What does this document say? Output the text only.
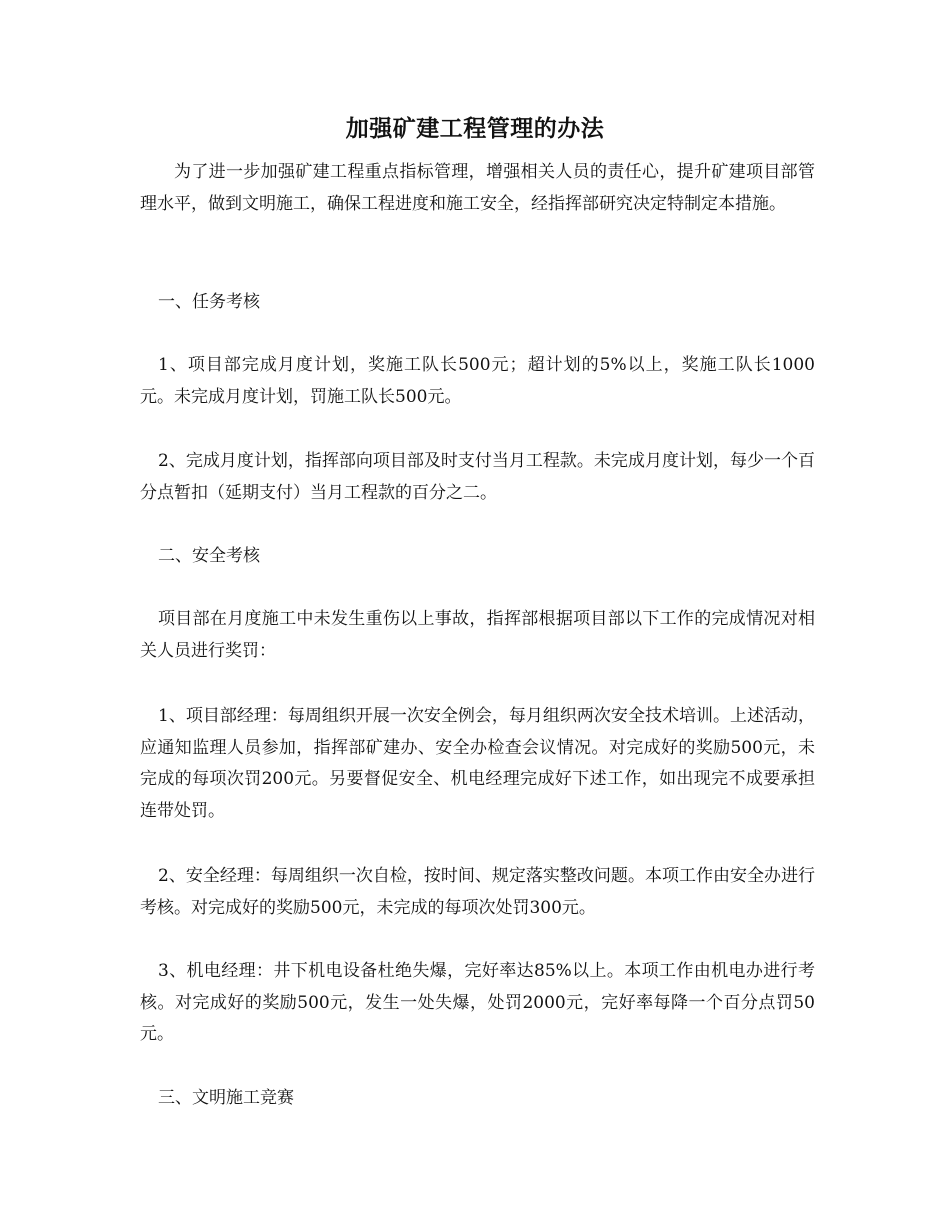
加强矿建工程管理的办法

为了进一步加强矿建工程重点指标管理，增强相关人员的责任心，提升矿建项目部管理水平，做到文明施工，确保工程进度和施工安全，经指挥部研究决定特制定本措施。

一、任务考核

1、项目部完成月度计划，奖施工队长500元；超计划的5%以上，奖施工队长1000元。未完成月度计划，罚施工队长500元。

2、完成月度计划，指挥部向项目部及时支付当月工程款。未完成月度计划，每少一个百分点暂扣（延期支付）当月工程款的百分之二。

二、安全考核

项目部在月度施工中未发生重伤以上事故，指挥部根据项目部以下工作的完成情况对相关人员进行奖罚：

1、项目部经理：每周组织开展一次安全例会，每月组织两次安全技术培训。上述活动，应通知监理人员参加，指挥部矿建办、安全办检查会议情况。对完成好的奖励500元，未完成的每项次罚200元。另要督促安全、机电经理完成好下述工作，如出现完不成要承担连带处罚。

2、安全经理：每周组织一次自检，按时间、规定落实整改问题。本项工作由安全办进行考核。对完成好的奖励500元，未完成的每项次处罚300元。

3、机电经理：井下机电设备杜绝失爆，完好率达85%以上。本项工作由机电办进行考核。对完成好的奖励500元，发生一处失爆，处罚2000元，完好率每降一个百分点罚50元。

三、文明施工竞赛
